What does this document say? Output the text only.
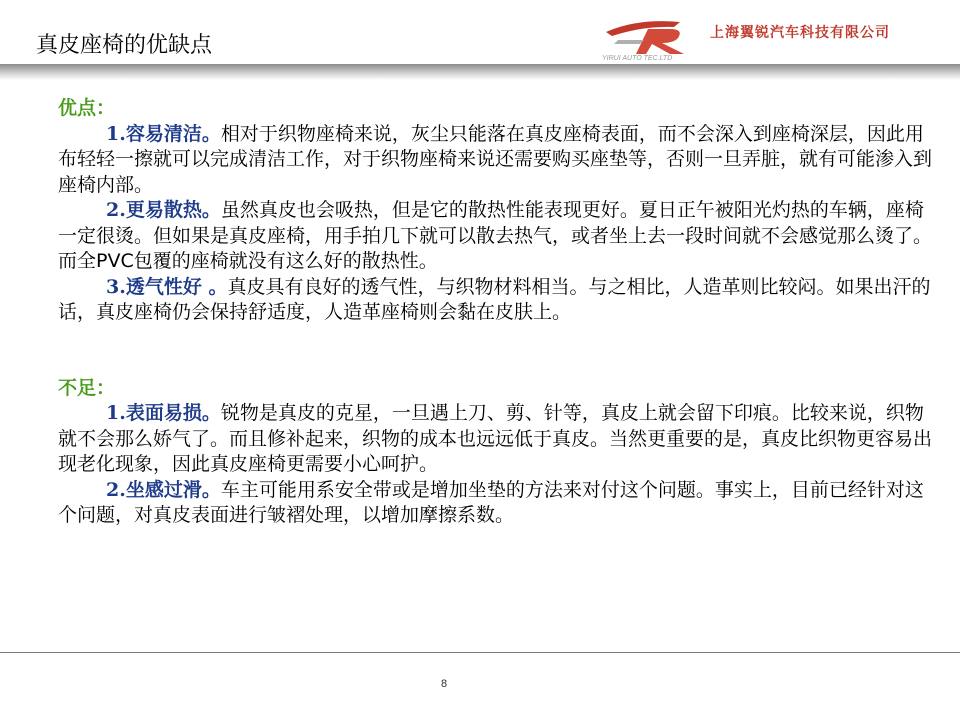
真皮座椅的优缺点
YIRUI AUTO TEC.LTD
上海翼锐汽车科技有限公司
优点：
1.容易清洁。相对于织物座椅来说，灰尘只能落在真皮座椅表面，而不会深入到座椅深层，因此用布轻轻一擦就可以完成清洁工作，对于织物座椅来说还需要购买座垫等，否则一旦弄脏，就有可能渗入到座椅内部。
2.更易散热。虽然真皮也会吸热，但是它的散热性能表现更好。夏日正午被阳光灼热的车辆，座椅一定很烫。但如果是真皮座椅，用手拍几下就可以散去热气，或者坐上去一段时间就不会感觉那么烫了。而全PVC包覆的座椅就没有这么好的散热性。
3.透气性好 。真皮具有良好的透气性，与织物材料相当。与之相比，人造革则比较闷。如果出汗的话，真皮座椅仍会保持舒适度，人造革座椅则会黏在皮肤上。
不足：
1.表面易损。锐物是真皮的克星，一旦遇上刀、剪、针等，真皮上就会留下印痕。比较来说，织物就不会那么娇气了。而且修补起来，织物的成本也远远低于真皮。当然更重要的是，真皮比织物更容易出现老化现象，因此真皮座椅更需要小心呵护。
2.坐感过滑。车主可能用系安全带或是增加坐垫的方法来对付这个问题。事实上，目前已经针对这个问题，对真皮表面进行皱褶处理，以增加摩擦系数。
8
